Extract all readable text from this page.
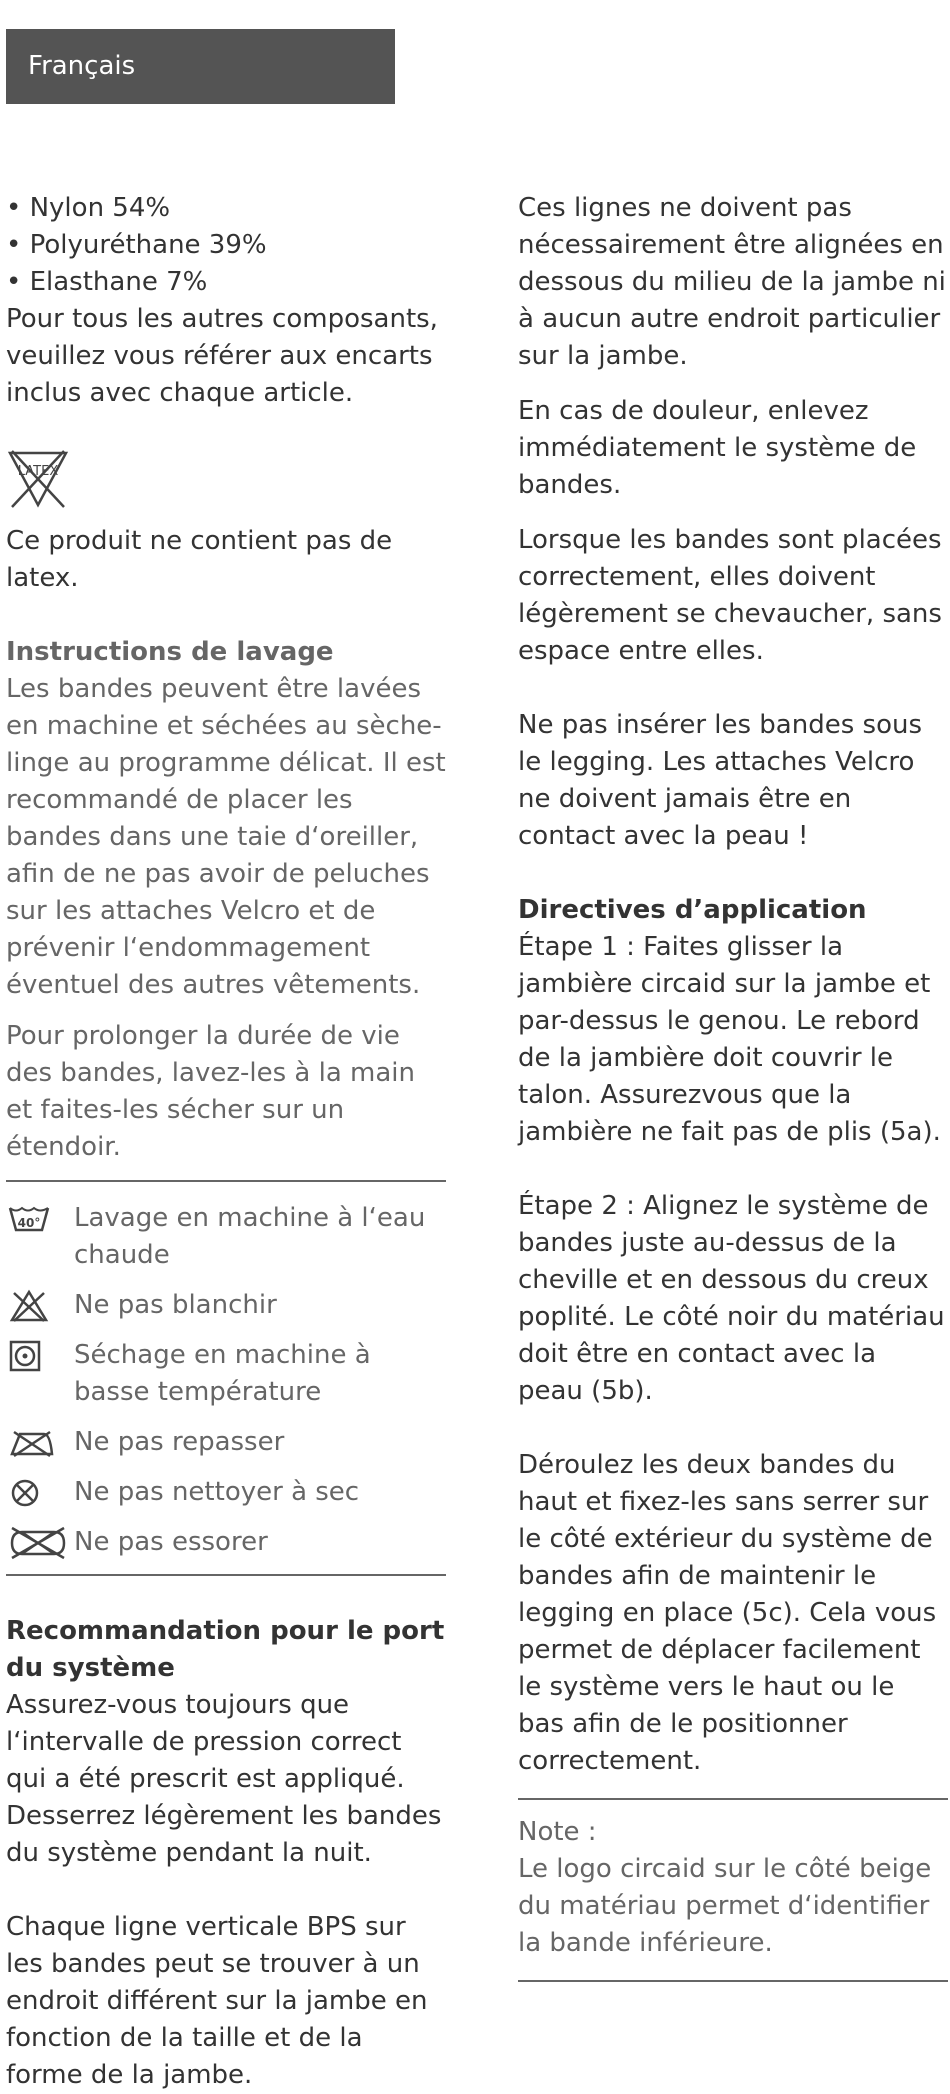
Français

• Nylon 54%

• Polyuréthane 39%

• Elasthane 7%

Pour tous les autres composants, veuillez vous référer aux encarts inclus avec chaque article.

LATEX

Ce produit ne contient pas de latex.

Instructions de lavage

Les bandes peuvent être lavées en machine et séchées au sèche-linge au programme délicat. Il est recommandé de placer les bandes dans une taie d‘oreiller, afin de ne pas avoir de peluches sur les attaches Velcro et de prévenir l‘endommagement éventuel des autres vêtements.

Pour prolonger la durée de vie des bandes, lavez-les à la main et faites-les sécher sur un étendoir.

40° Lavage en machine à l‘eau chaude
Ne pas blanchir
Séchage en machine à basse température
Ne pas repasser
Ne pas nettoyer à sec
Ne pas essorer

Recommandation pour le port du système

Assurez-vous toujours que l‘intervalle de pression correct qui a été prescrit est appliqué. Desserrez légèrement les bandes du système pendant la nuit.

Chaque ligne verticale BPS sur les bandes peut se trouver à un endroit différent sur la jambe en fonction de la taille et de la forme de la jambe.

Ces lignes ne doivent pas nécessairement être alignées en dessous du milieu de la jambe ni à aucun autre endroit particulier sur la jambe.

En cas de douleur, enlevez immédiatement le système de bandes.

Lorsque les bandes sont placées correctement, elles doivent légèrement se chevaucher, sans espace entre elles.

Ne pas insérer les bandes sous le legging. Les attaches Velcro ne doivent jamais être en contact avec la peau !

Directives d’application

Étape 1 : Faites glisser la jambière circaid sur la jambe et par-dessus le genou. Le rebord de la jambière doit couvrir le talon. Assurezvous que la jambière ne fait pas de plis (5a).

Étape 2 : Alignez le système de bandes juste au-dessus de la cheville et en dessous du creux poplité. Le côté noir du matériau doit être en contact avec la peau (5b).

Déroulez les deux bandes du haut et fixez-les sans serrer sur le côté extérieur du système de bandes afin de maintenir le legging en place (5c). Cela vous permet de déplacer facilement le système vers le haut ou le bas afin de le positionner correctement.

Note :

Le logo circaid sur le côté beige du matériau permet d‘identifier la bande inférieure.
